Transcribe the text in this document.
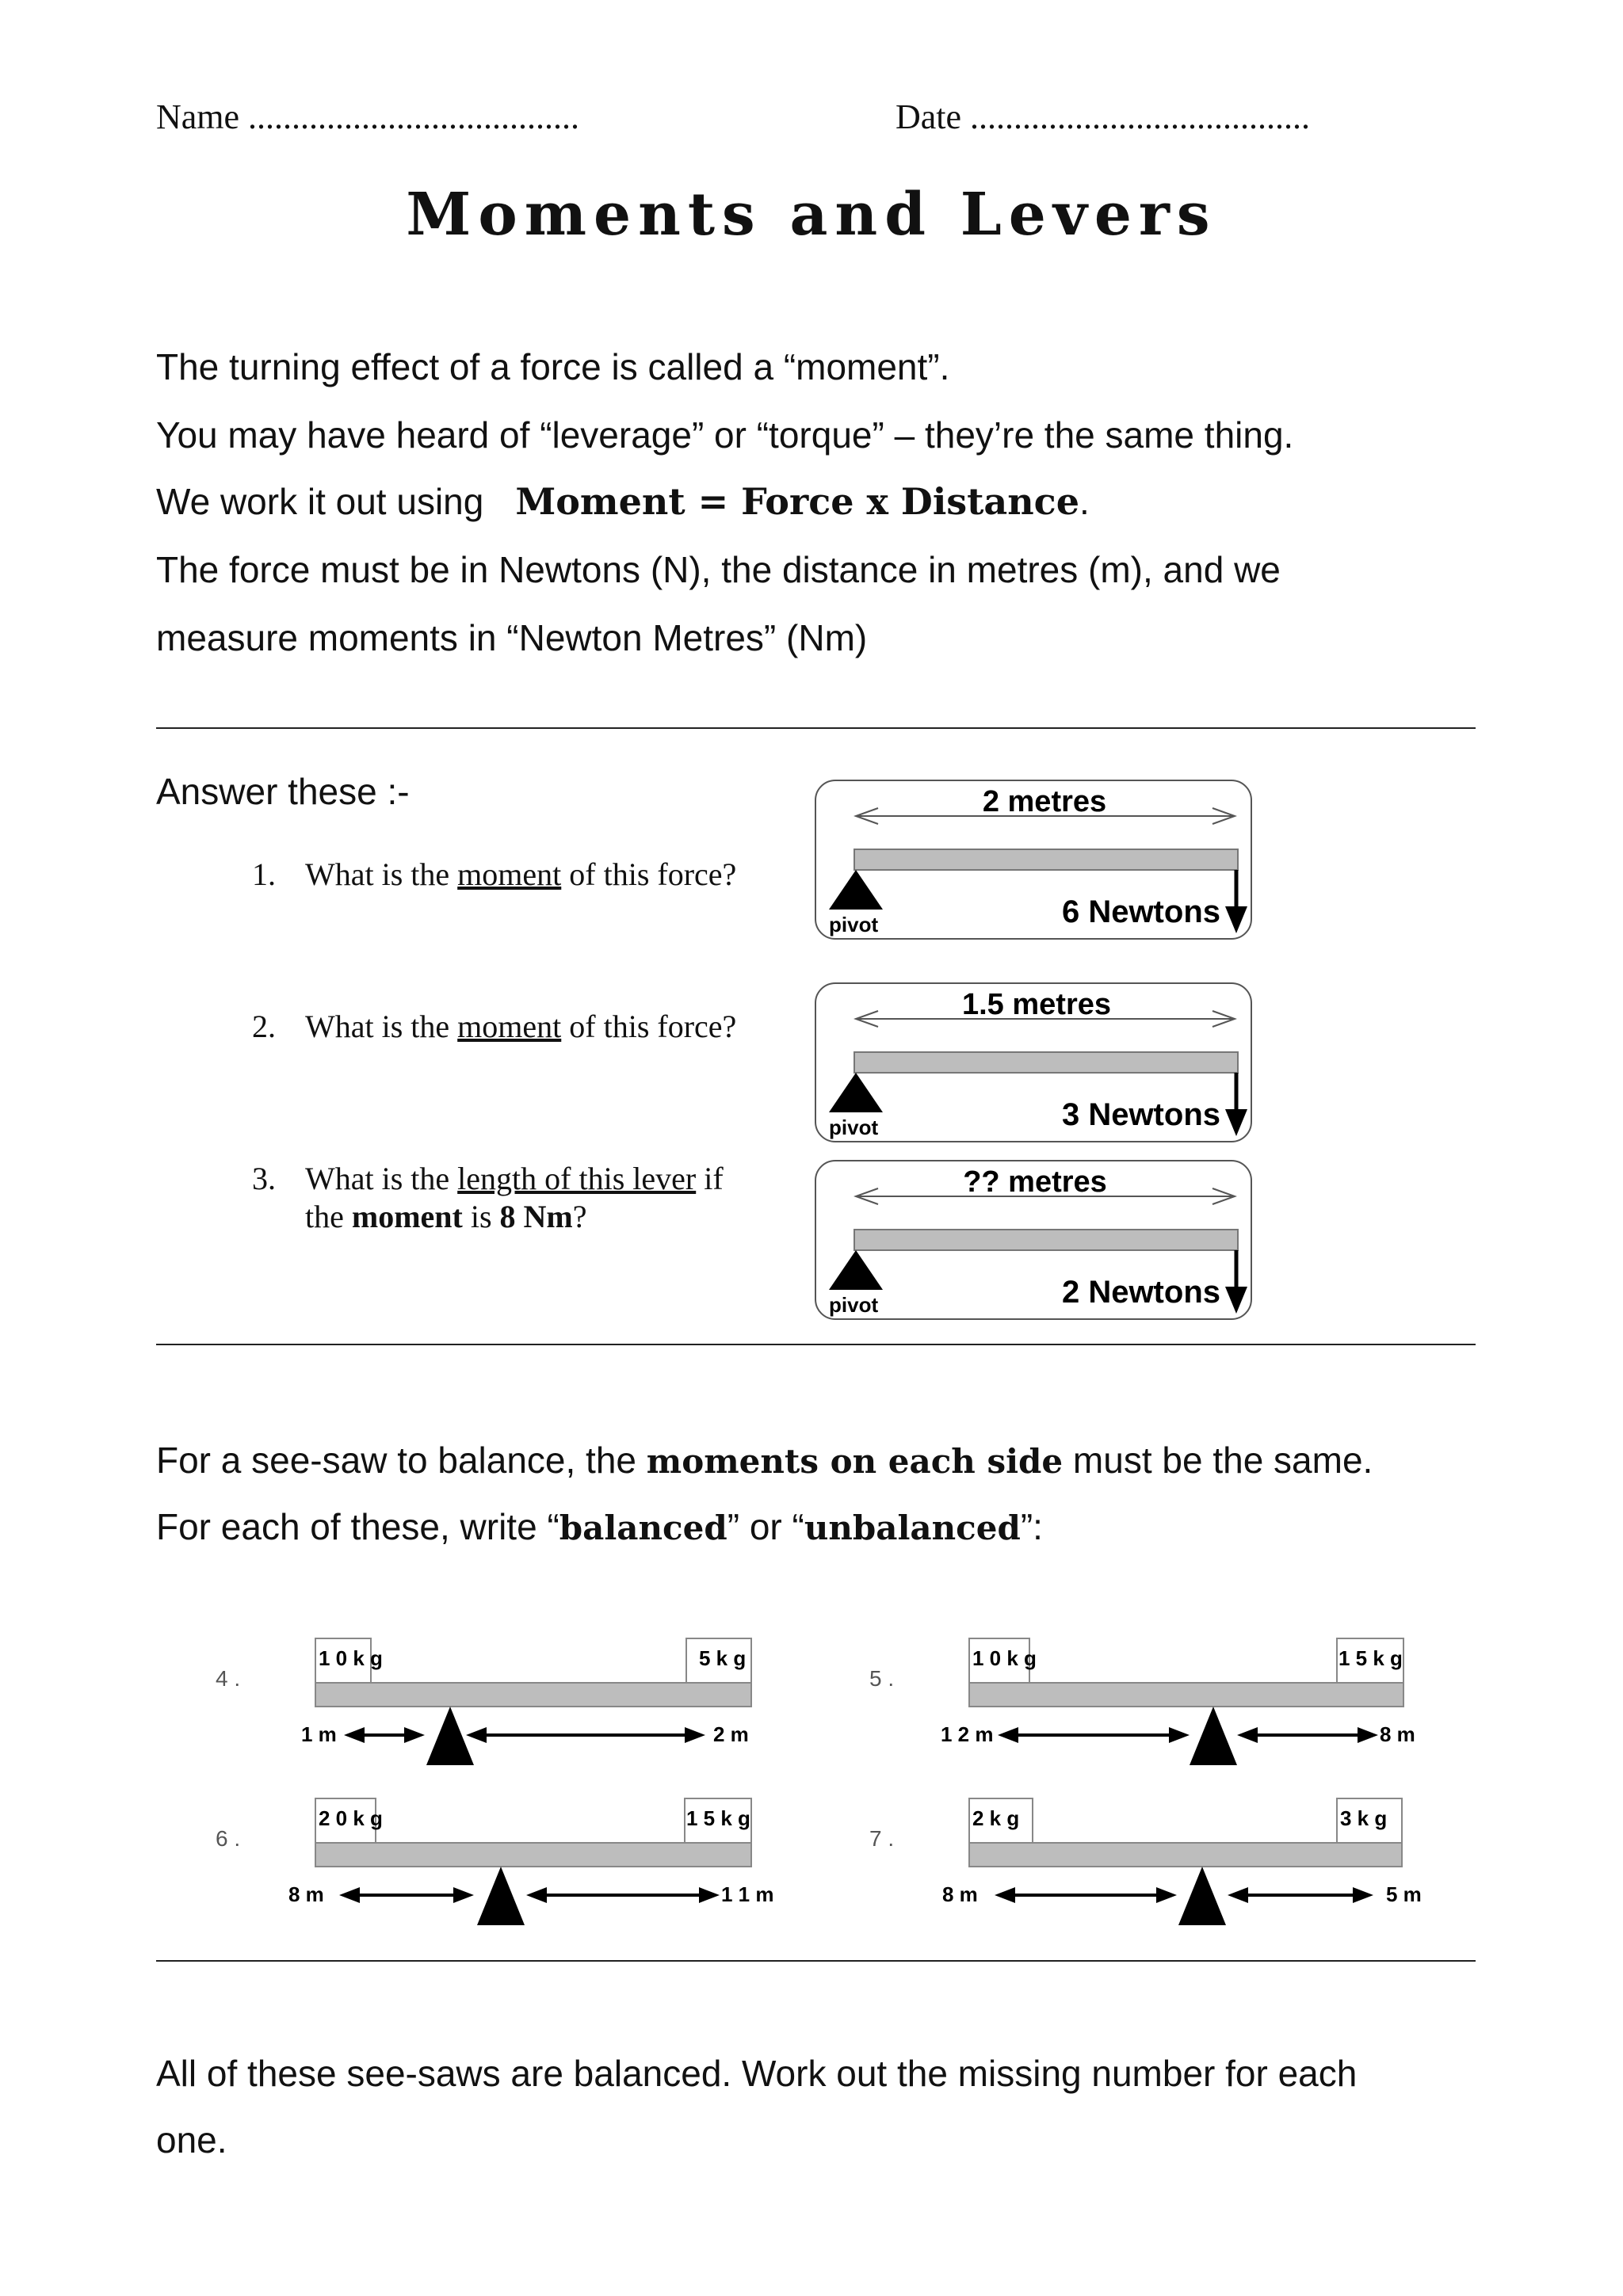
Name ......................................	Date .......................................
Moments and Levers
The turning effect of a force is called a “moment”.
You may have heard of “leverage” or “torque” – they’re the same thing.
We work it out using Moment = Force x Distance.
The force must be in Newtons (N), the distance in metres (m), and we
measure moments in “Newton Metres” (Nm)
Answer these :-
1. What is the moment of this force?
2. What is the moment of this force?
3. What is the length of this lever if
the moment is 8 Nm?
2 metres
pivot	6 Newtons
1.5 metres
pivot	3 Newtons
?? metres
pivot	2 Newtons
For a see-saw to balance, the moments on each side must be the same.
For each of these, write “balanced” or “unbalanced”:
4 .
1 0 k g	5 k g
1 m	2 m
5 .
1 0 k g	1 5 k g
1 2 m	8 m
6 .
2 0 k g	1 5 k g
8 m	1 1 m
7 .
2 k g	3 k g
8 m	5 m
All of these see-saws are balanced. Work out the missing number for each
one.
